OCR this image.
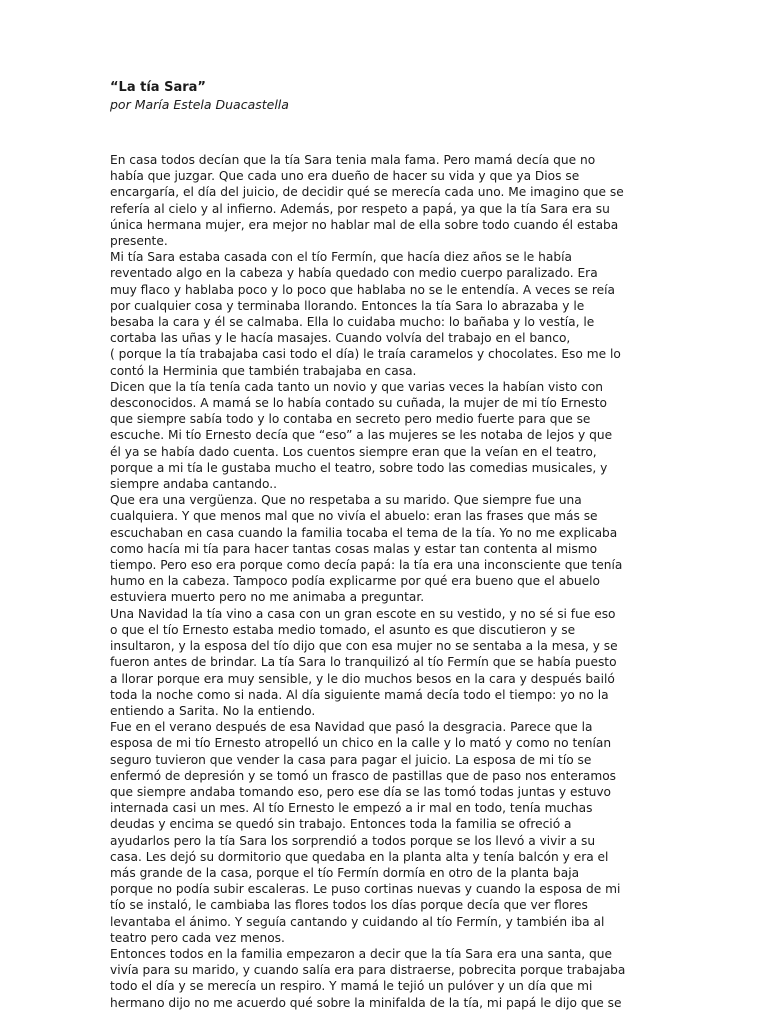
“La tía Sara”

por María Estela Duacastella

En casa todos decían que la tía Sara tenia mala fama. Pero mamá decía que no
había que juzgar. Que cada uno era dueño de hacer su vida y que ya Dios se
encargaría, el día del juicio, de decidir qué se merecía cada uno. Me imagino que se
refería al cielo y al infierno. Además, por respeto a papá, ya que la tía Sara era su
única hermana mujer, era mejor no hablar mal de ella sobre todo cuando él estaba
presente.

Mi tía Sara estaba casada con el tío Fermín, que hacía diez años se le había
reventado algo en la cabeza y había quedado con medio cuerpo paralizado. Era
muy flaco y hablaba poco y lo poco que hablaba no se le entendía. A veces se reía
por cualquier cosa y terminaba llorando. Entonces la tía Sara lo abrazaba y le
besaba la cara y él se calmaba. Ella lo cuidaba mucho: lo bañaba y lo vestía, le
cortaba las uñas y le hacía masajes. Cuando volvía del trabajo en el banco,
( porque la tía trabajaba casi todo el día) le traía caramelos y chocolates. Eso me lo
contó la Herminia que también trabajaba en casa.

Dicen que la tía tenía cada tanto un novio y que varias veces la habían visto con
desconocidos. A mamá se lo había contado su cuñada, la mujer de mi tío Ernesto
que siempre sabía todo y lo contaba en secreto pero medio fuerte para que se
escuche. Mi tío Ernesto decía que “eso” a las mujeres se les notaba de lejos y que
él ya se había dado cuenta. Los cuentos siempre eran que la veían en el teatro,
porque a mi tía le gustaba mucho el teatro, sobre todo las comedias musicales, y
siempre andaba cantando..

Que era una vergüenza. Que no respetaba a su marido. Que siempre fue una
cualquiera. Y que menos mal que no vivía el abuelo: eran las frases que más se
escuchaban en casa cuando la familia tocaba el tema de la tía. Yo no me explicaba
como hacía mi tía para hacer tantas cosas malas y estar tan contenta al mismo
tiempo. Pero eso era porque como decía papá: la tía era una inconsciente que tenía
humo en la cabeza. Tampoco podía explicarme por qué era bueno que el abuelo
estuviera muerto pero no me animaba a preguntar.

Una Navidad la tía vino a casa con un gran escote en su vestido, y no sé si fue eso
o que el tío Ernesto estaba medio tomado, el asunto es que discutieron y se
insultaron, y la esposa del tío dijo que con esa mujer no se sentaba a la mesa, y se
fueron antes de brindar. La tía Sara lo tranquilizó al tío Fermín que se había puesto
a llorar porque era muy sensible, y le dio muchos besos en la cara y después bailó
toda la noche como si nada. Al día siguiente mamá decía todo el tiempo: yo no la
entiendo a Sarita. No la entiendo.

Fue en el verano después de esa Navidad que pasó la desgracia. Parece que la
esposa de mi tío Ernesto atropelló un chico en la calle y lo mató y como no tenían
seguro tuvieron que vender la casa para pagar el juicio. La esposa de mi tío se
enfermó de depresión y se tomó un frasco de pastillas que de paso nos enteramos
que siempre andaba tomando eso, pero ese día se las tomó todas juntas y estuvo
internada casi un mes. Al tío Ernesto le empezó a ir mal en todo, tenía muchas
deudas y encima se quedó sin trabajo. Entonces toda la familia se ofreció a
ayudarlos pero la tía Sara los sorprendió a todos porque se los llevó a vivir a su
casa. Les dejó su dormitorio que quedaba en la planta alta y tenía balcón y era el
más grande de la casa, porque el tío Fermín dormía en otro de la planta baja
porque no podía subir escaleras. Le puso cortinas nuevas y cuando la esposa de mi
tío se instaló, le cambiaba las flores todos los días porque decía que ver flores
levantaba el ánimo. Y seguía cantando y cuidando al tío Fermín, y también iba al
teatro pero cada vez menos.

Entonces todos en la familia empezaron a decir que la tía Sara era una santa, que
vivía para su marido, y cuando salía era para distraerse, pobrecita porque trabajaba
todo el día y se merecía un respiro. Y mamá le tejió un pulóver y un día que mi
hermano dijo no me acuerdo qué sobre la minifalda de la tía, mi papá le dijo que se
